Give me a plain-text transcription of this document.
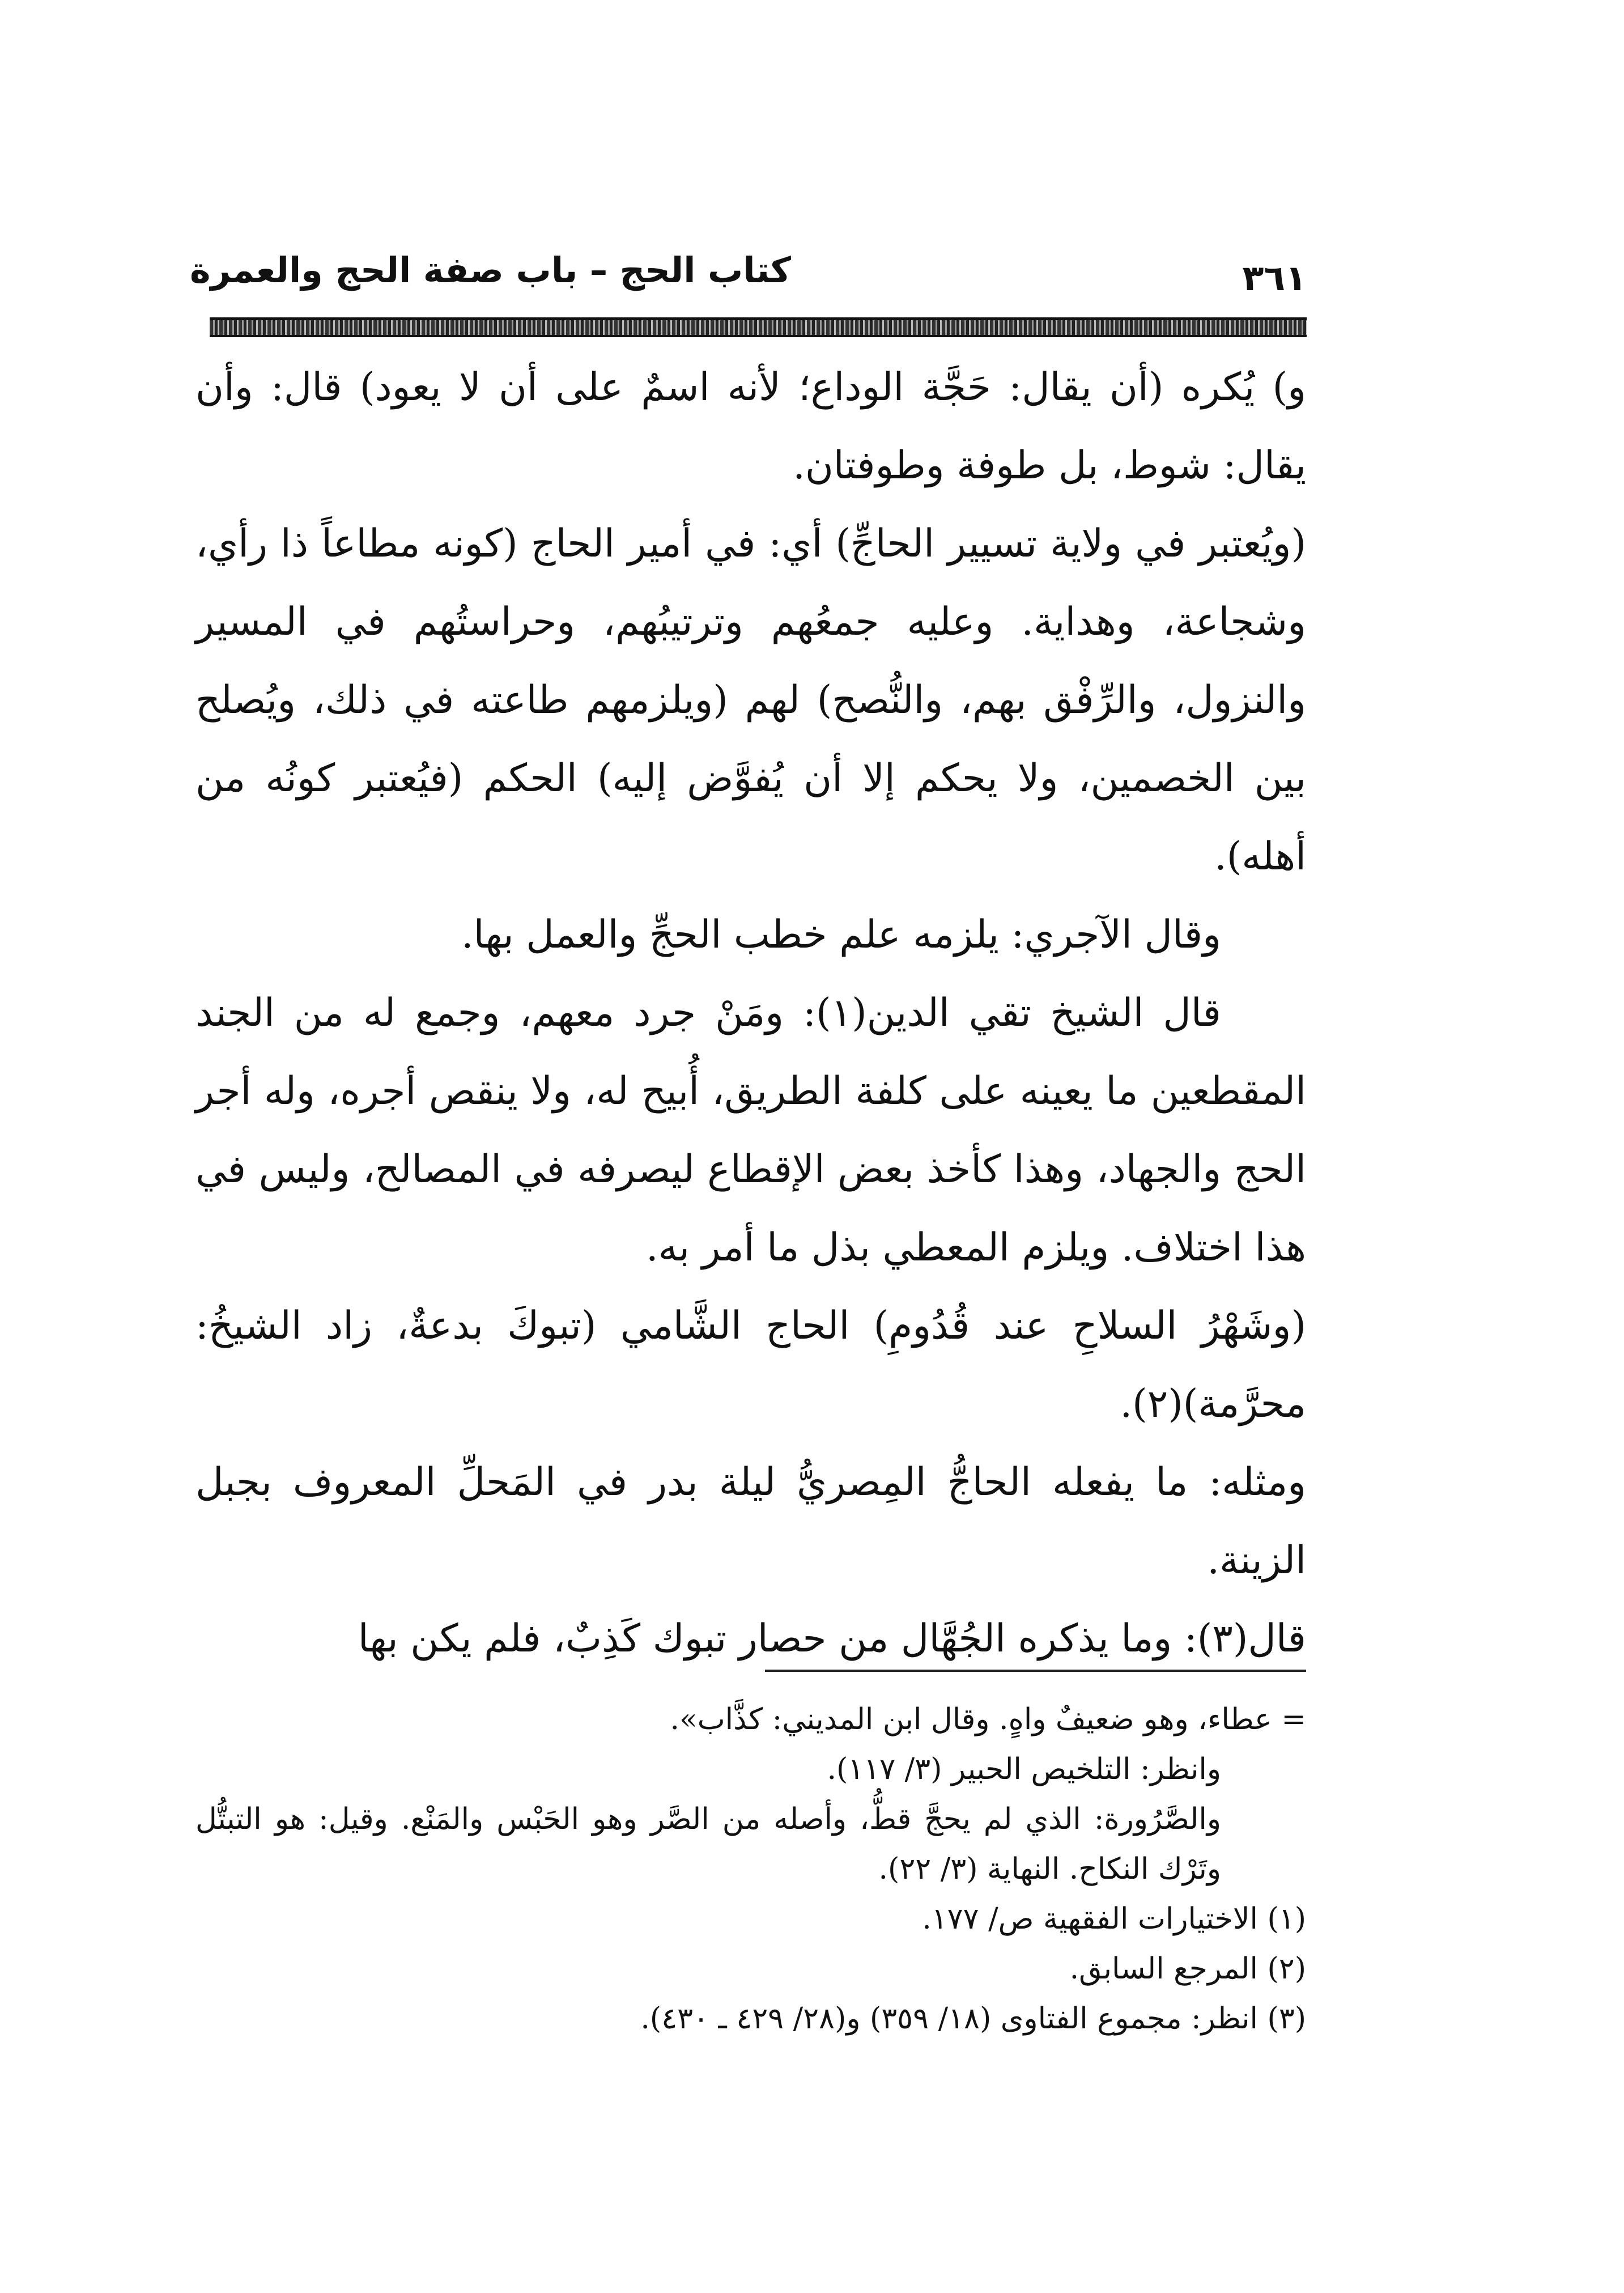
كتاب الحج – باب صفة الحج والعمرة	٣٦١

و) يُكره (أن يقال: حَجَّة الوداع؛ لأنه اسمٌ على أن لا يعود) قال: وأن يقال: شوط، بل طوفة وطوفتان.

(ويُعتبر في ولاية تسيير الحاجِّ) أي: في أمير الحاج (كونه مطاعاً ذا رأي، وشجاعة، وهداية. وعليه جمعُهم وترتيبُهم، وحراستُهم في المسير والنزول، والرِّفْق بهم، والنُّصح) لهم (ويلزمهم طاعته في ذلك، ويُصلح بين الخصمين، ولا يحكم إلا أن يُفوَّض إليه) الحكم (فيُعتبر كونُه من أهله).

وقال الآجري: يلزمه علم خطب الحجِّ والعمل بها.

قال الشيخ تقي الدين(١): ومَنْ جرد معهم، وجمع له من الجند المقطعين ما يعينه على كلفة الطريق، أُبيح له، ولا ينقص أجره، وله أجر الحج والجهاد، وهذا كأخذ بعض الإقطاع ليصرفه في المصالح، وليس في هذا اختلاف. ويلزم المعطي بذل ما أمر به.

(وشَهْرُ السلاحِ عند قُدُومِ) الحاج الشَّامي (تبوكَ بدعةٌ، زاد الشيخُ: محرَّمة)(٢).

ومثله: ما يفعله الحاجُّ المِصريُّ ليلة بدر في المَحلِّ المعروف بجبل الزينة.

قال(٣): وما يذكره الجُهَّال من حصار تبوك كَذِبٌ، فلم يكن بها

= عطاء، وهو ضعيفٌ واهٍ. وقال ابن المديني: كذَّاب».

وانظر: التلخيص الحبير (٣/ ١١٧).

والصَّرُورة: الذي لم يحجَّ قطُّ، وأصله من الصَّر وهو الحَبْس والمَنْع. وقيل: هو التبتُّل وتَرْك النكاح. النهاية (٣/ ٢٢).

(١) الاختيارات الفقهية ص/ ١٧٧.

(٢) المرجع السابق.

(٣) انظر: مجموع الفتاوى (١٨/ ٣٥٩) و(٢٨/ ٤٢٩ ـ ٤٣٠).
